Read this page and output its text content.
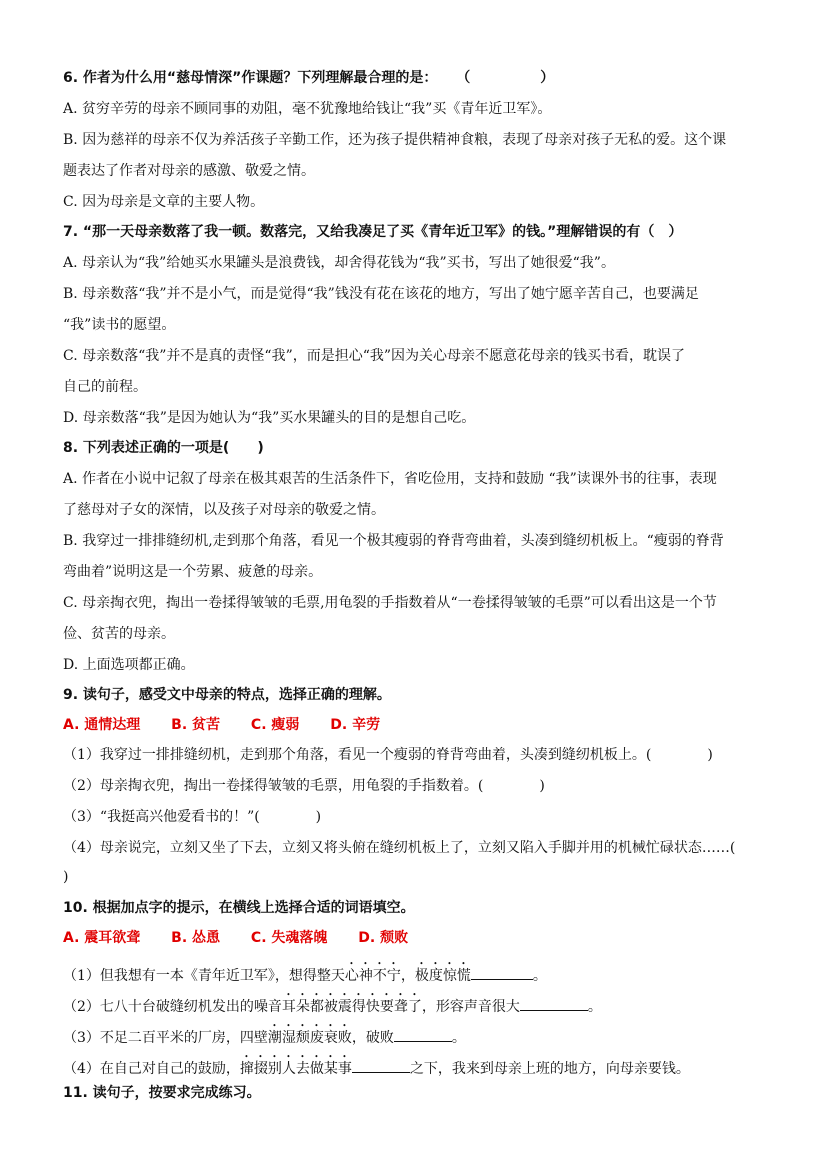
6. 作者为什么用“慈母情深”作课题？下列理解最合理的是： （　　　　　）
A. 贫穷辛劳的母亲不顾同事的劝阻，毫不犹豫地给钱让“我”买《青年近卫军》。
B. 因为慈祥的母亲不仅为养活孩子辛勤工作，还为孩子提供精神食粮，表现了母亲对孩子无私的爱。这个课
题表达了作者对母亲的感激、敬爱之情。
C. 因为母亲是文章的主要人物。
7. “那一天母亲数落了我一顿。数落完，又给我凑足了买《青年近卫军》的钱。”理解错误的有（　）
A. 母亲认为“我”给她买水果罐头是浪费钱，却舍得花钱为“我”买书，写出了她很爱“我”。
B. 母亲数落“我”并不是小气，而是觉得“我”钱没有花在该花的地方，写出了她宁愿辛苦自己，也要满足
“我”读书的愿望。
C. 母亲数落“我”并不是真的责怪“我”，而是担心“我”因为关心母亲不愿意花母亲的钱买书看，耽误了
自己的前程。
D. 母亲数落“我”是因为她认为“我”买水果罐头的目的是想自己吃。
8. 下列表述正确的一项是(　　)
A. 作者在小说中记叙了母亲在极其艰苦的生活条件下，省吃俭用，支持和鼓励 “我”读课外书的往事，表现
了慈母对子女的深情，以及孩子对母亲的敬爱之情。
B. 我穿过一排排缝纫机,走到那个角落，看见一个极其瘦弱的脊背弯曲着，头凑到缝纫机板上。“瘦弱的脊背
弯曲着”说明这是一个劳累、疲惫的母亲。
C. 母亲掏衣兜，掏出一卷揉得皱皱的毛票,用龟裂的手指数着从“一卷揉得皱皱的毛票”可以看出这是一个节
俭、贫苦的母亲。
D. 上面选项都正确。
9. 读句子，感受文中母亲的特点，选择正确的理解。
A. 通情达理 B. 贫苦 C. 瘦弱 D. 辛劳
（1）我穿过一排排缝纫机，走到那个角落，看见一个瘦弱的脊背弯曲着，头凑到缝纫机板上。(　　　　)
（2）母亲掏衣兜，掏出一卷揉得皱皱的毛票，用龟裂的手指数着。(　　　　)
（3）“我挺高兴他爱看书的！”(　　　　)
（4）母亲说完，立刻又坐了下去，立刻又将头俯在缝纫机板上了，立刻又陷入手脚并用的机械忙碌状态……(
)
10. 根据加点字的提示，在横线上选择合适的词语填空。
A. 震耳欲聋 B. 怂恿 C. 失魂落魄 D. 颓败
（1）但我想有一本《青年近卫军》，想得整天心神不宁，极度惊慌	。
（2）七八十台破缝纫机发出的噪音耳朵都被震得快要聋了，形容声音很大	。
（3）不足二百平米的厂房，四壁潮湿颓废衰败，破败	。
（4）在自己对自己的鼓励，撺掇别人去做某事	之下，我来到母亲上班的地方，向母亲要钱。
11. 读句子，按要求完成练习。
